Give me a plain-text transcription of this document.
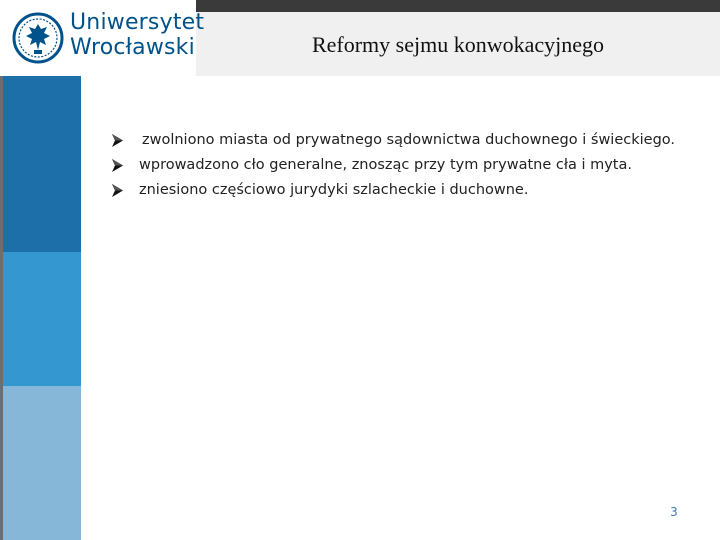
Uniwersytet
Wrocławski	Reformy sejmu konwokacyjnego
zwolniono miasta od prywatnego sądownictwa duchownego i świeckiego.
wprowadzono cło generalne, znosząc przy tym prywatne cła i myta.
zniesiono częściowo jurydyki szlacheckie i duchowne.
3
